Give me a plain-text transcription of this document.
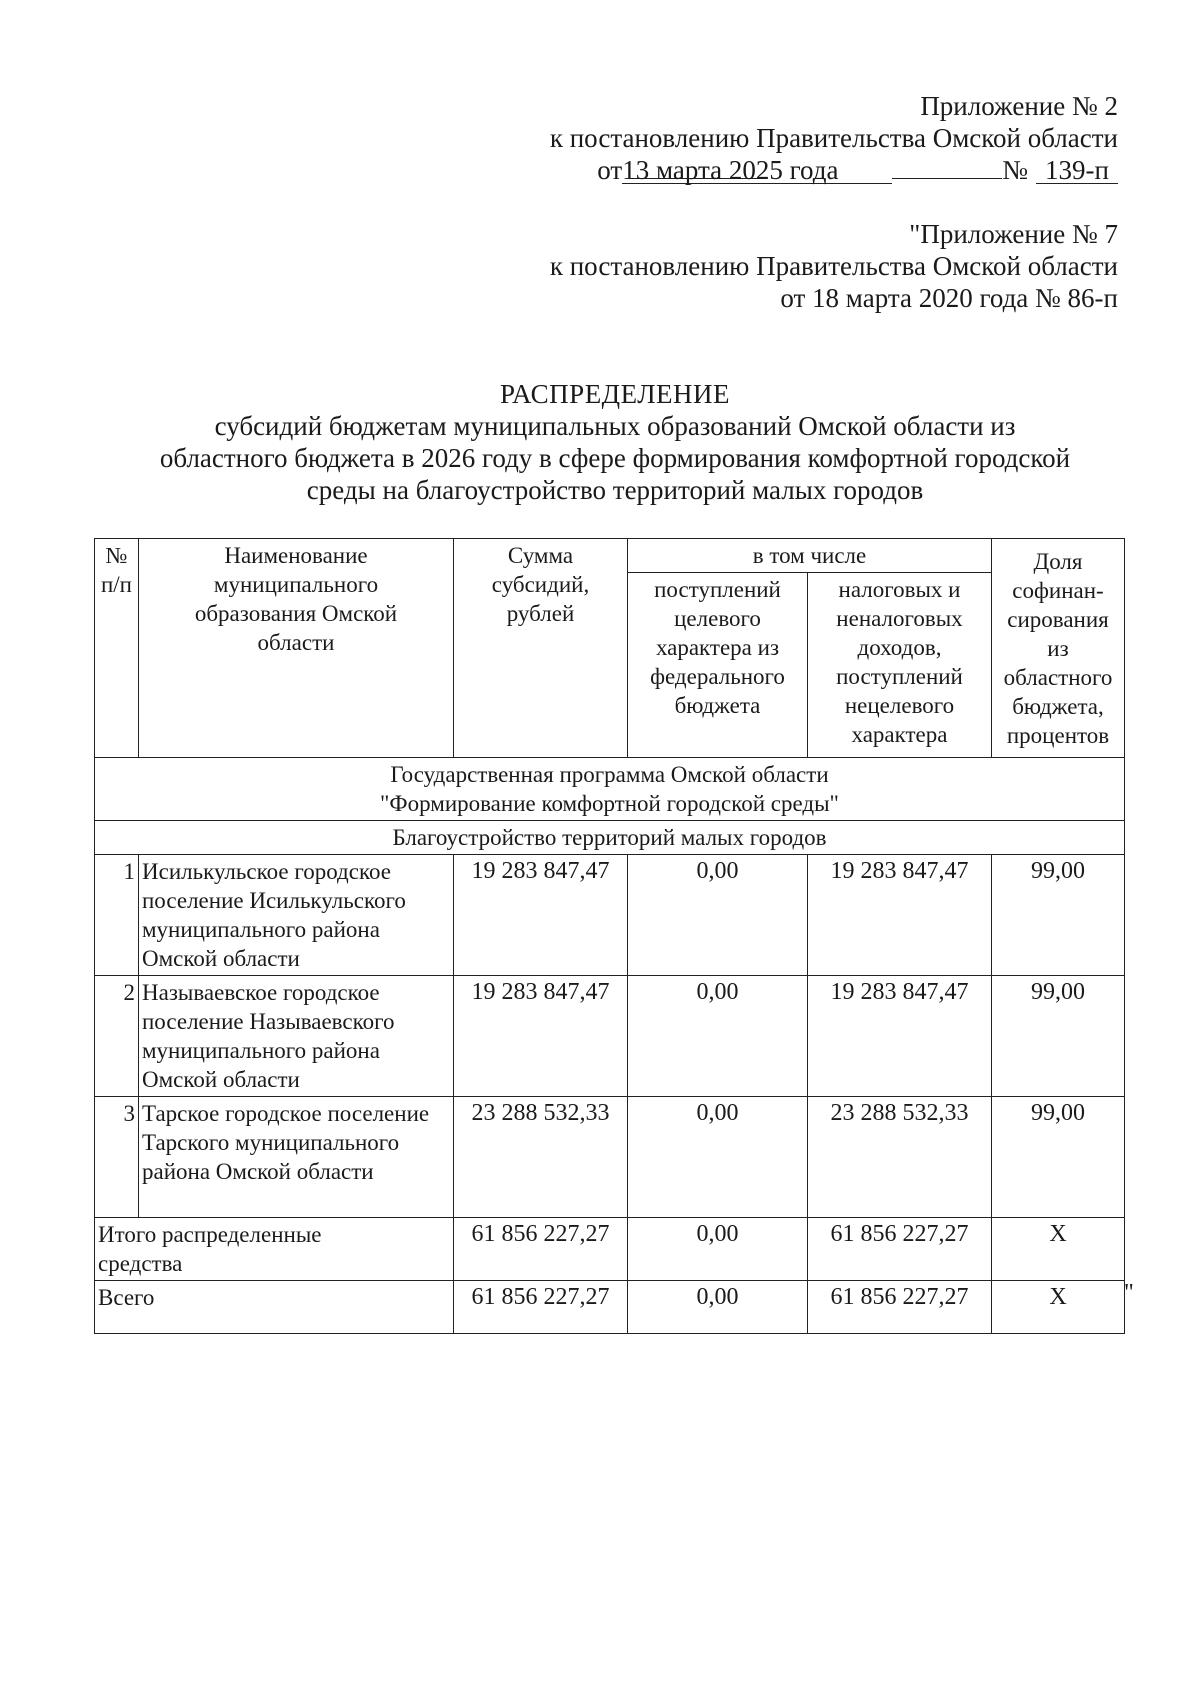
Приложение № 2
к постановлению Правительства Омской области
от 13 марта 2025 года	№ 139-п
"Приложение № 7
к постановлению Правительства Омской области
от 18 марта 2020 года № 86-п
РАСПРЕДЕЛЕНИЕ
субсидий бюджетам муниципальных образований Омской области из
областного бюджета в 2026 году в сфере формирования комфортной городской
среды на благоустройство территорий малых городов
№ п/п	Наименование муниципального образования Омской области	Сумма субсидий, рублей	в том числе		Доля софинан-сирования из областного бюджета, процентов
			поступлений целевого характера из федерального бюджета	налоговых и неналоговых доходов, поступлений нецелевого характера	

Государственная программа Омской области
"Формирование комфортной городской среды"					

Благоустройство территорий малых городов					
1	Исилькульское городское поселение Исилькульского муниципального района Омской области	19 283 847,47	0,00	19 283 847,47	99,00
2	Называевское городское поселение Называевского муниципального района Омской области	19 283 847,47	0,00	19 283 847,47	99,00
3	Тарское городское поселение Тарского муниципального района Омской области	23 288 532,33	0,00	23 288 532,33	99,00
Итого распределенные средства		61 856 227,27	0,00	61 856 227,27	Х
Всего		61 856 227,27	0,00	61 856 227,27	Х "
